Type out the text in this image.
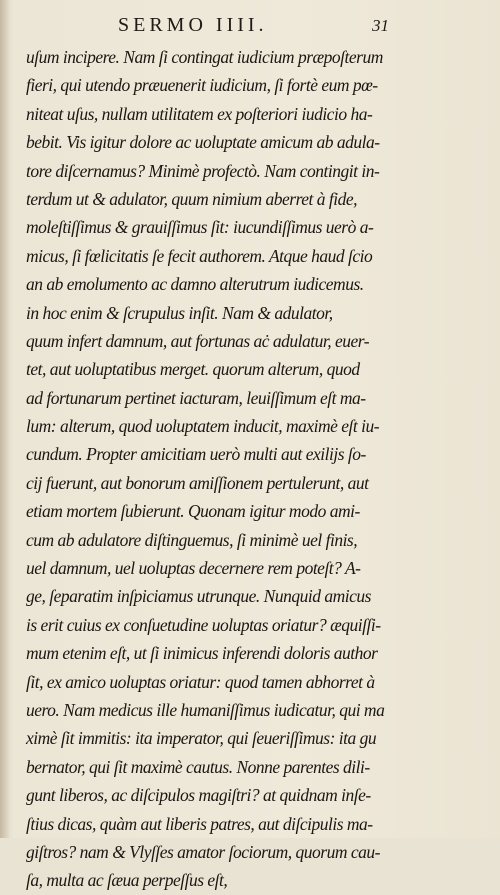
SERMO IIII.	31
uſum incipere. Nam ſi contingat iudicium præpoſterum
fieri, qui utendo præuenerit iudicium, ſi fortè eum pœ-
niteat uſus, nullam utilitatem ex poſteriori iudicio ha-
bebit. Vis igitur dolore ac uoluptate amicum ab adula-
tore diſcernamus? Minimè profectò. Nam contingit in-
terdum ut & adulator, quum nimium aberret à fide,
moleſtiſſimus & grauiſſimus ſit: iucundiſſimus uerò a-
micus, ſi fœlicitatis ſe fecit authorem. Atque haud ſcio
an ab emolumento ac damno alterutrum iudicemus.
in hoc enim & ſcrupulus inſit. Nam & adulator,
quum infert damnum, aut fortunas aċ adulatur, euer-
tet, aut uoluptatibus merget. quorum alterum, quod
ad fortunarum pertinet iacturam, leuiſſimum eſt ma-
lum: alterum, quod uoluptatem inducit, maximè eſt iu-
cundum. Propter amicitiam uerò multi aut exilijs ſo-
cij fuerunt, aut bonorum amiſſionem pertulerunt, aut
etiam mortem ſubierunt. Quonam igitur modo ami-
cum ab adulatore diſtinguemus, ſi minimè uel finis,
uel damnum, uel uoluptas decernere rem poteſt? A-
ge, ſeparatim inſpiciamus utrunque. Nunquid amicus
is erit cuius ex conſuetudine uoluptas oriatur? æquiſſi-
mum etenim eſt, ut ſi inimicus inferendi doloris author
ſit, ex amico uoluptas oriatur: quod tamen abhorret à
uero. Nam medicus ille humaniſſimus iudicatur, qui ma
ximè ſit immitis: ita imperator, qui ſeueriſſimus: ita gu
bernator, qui ſit maximè cautus. Nonne parentes dili-
gunt liberos, ac diſcipulos magiſtri? at quidnam inſe-
ſtius dicas, quàm aut liberis patres, aut diſcipulis ma-
giſtros? nam & Vlyſſes amator ſociorum, quorum cau-
ſa, multa ac ſæua perpeſſus eſt,
